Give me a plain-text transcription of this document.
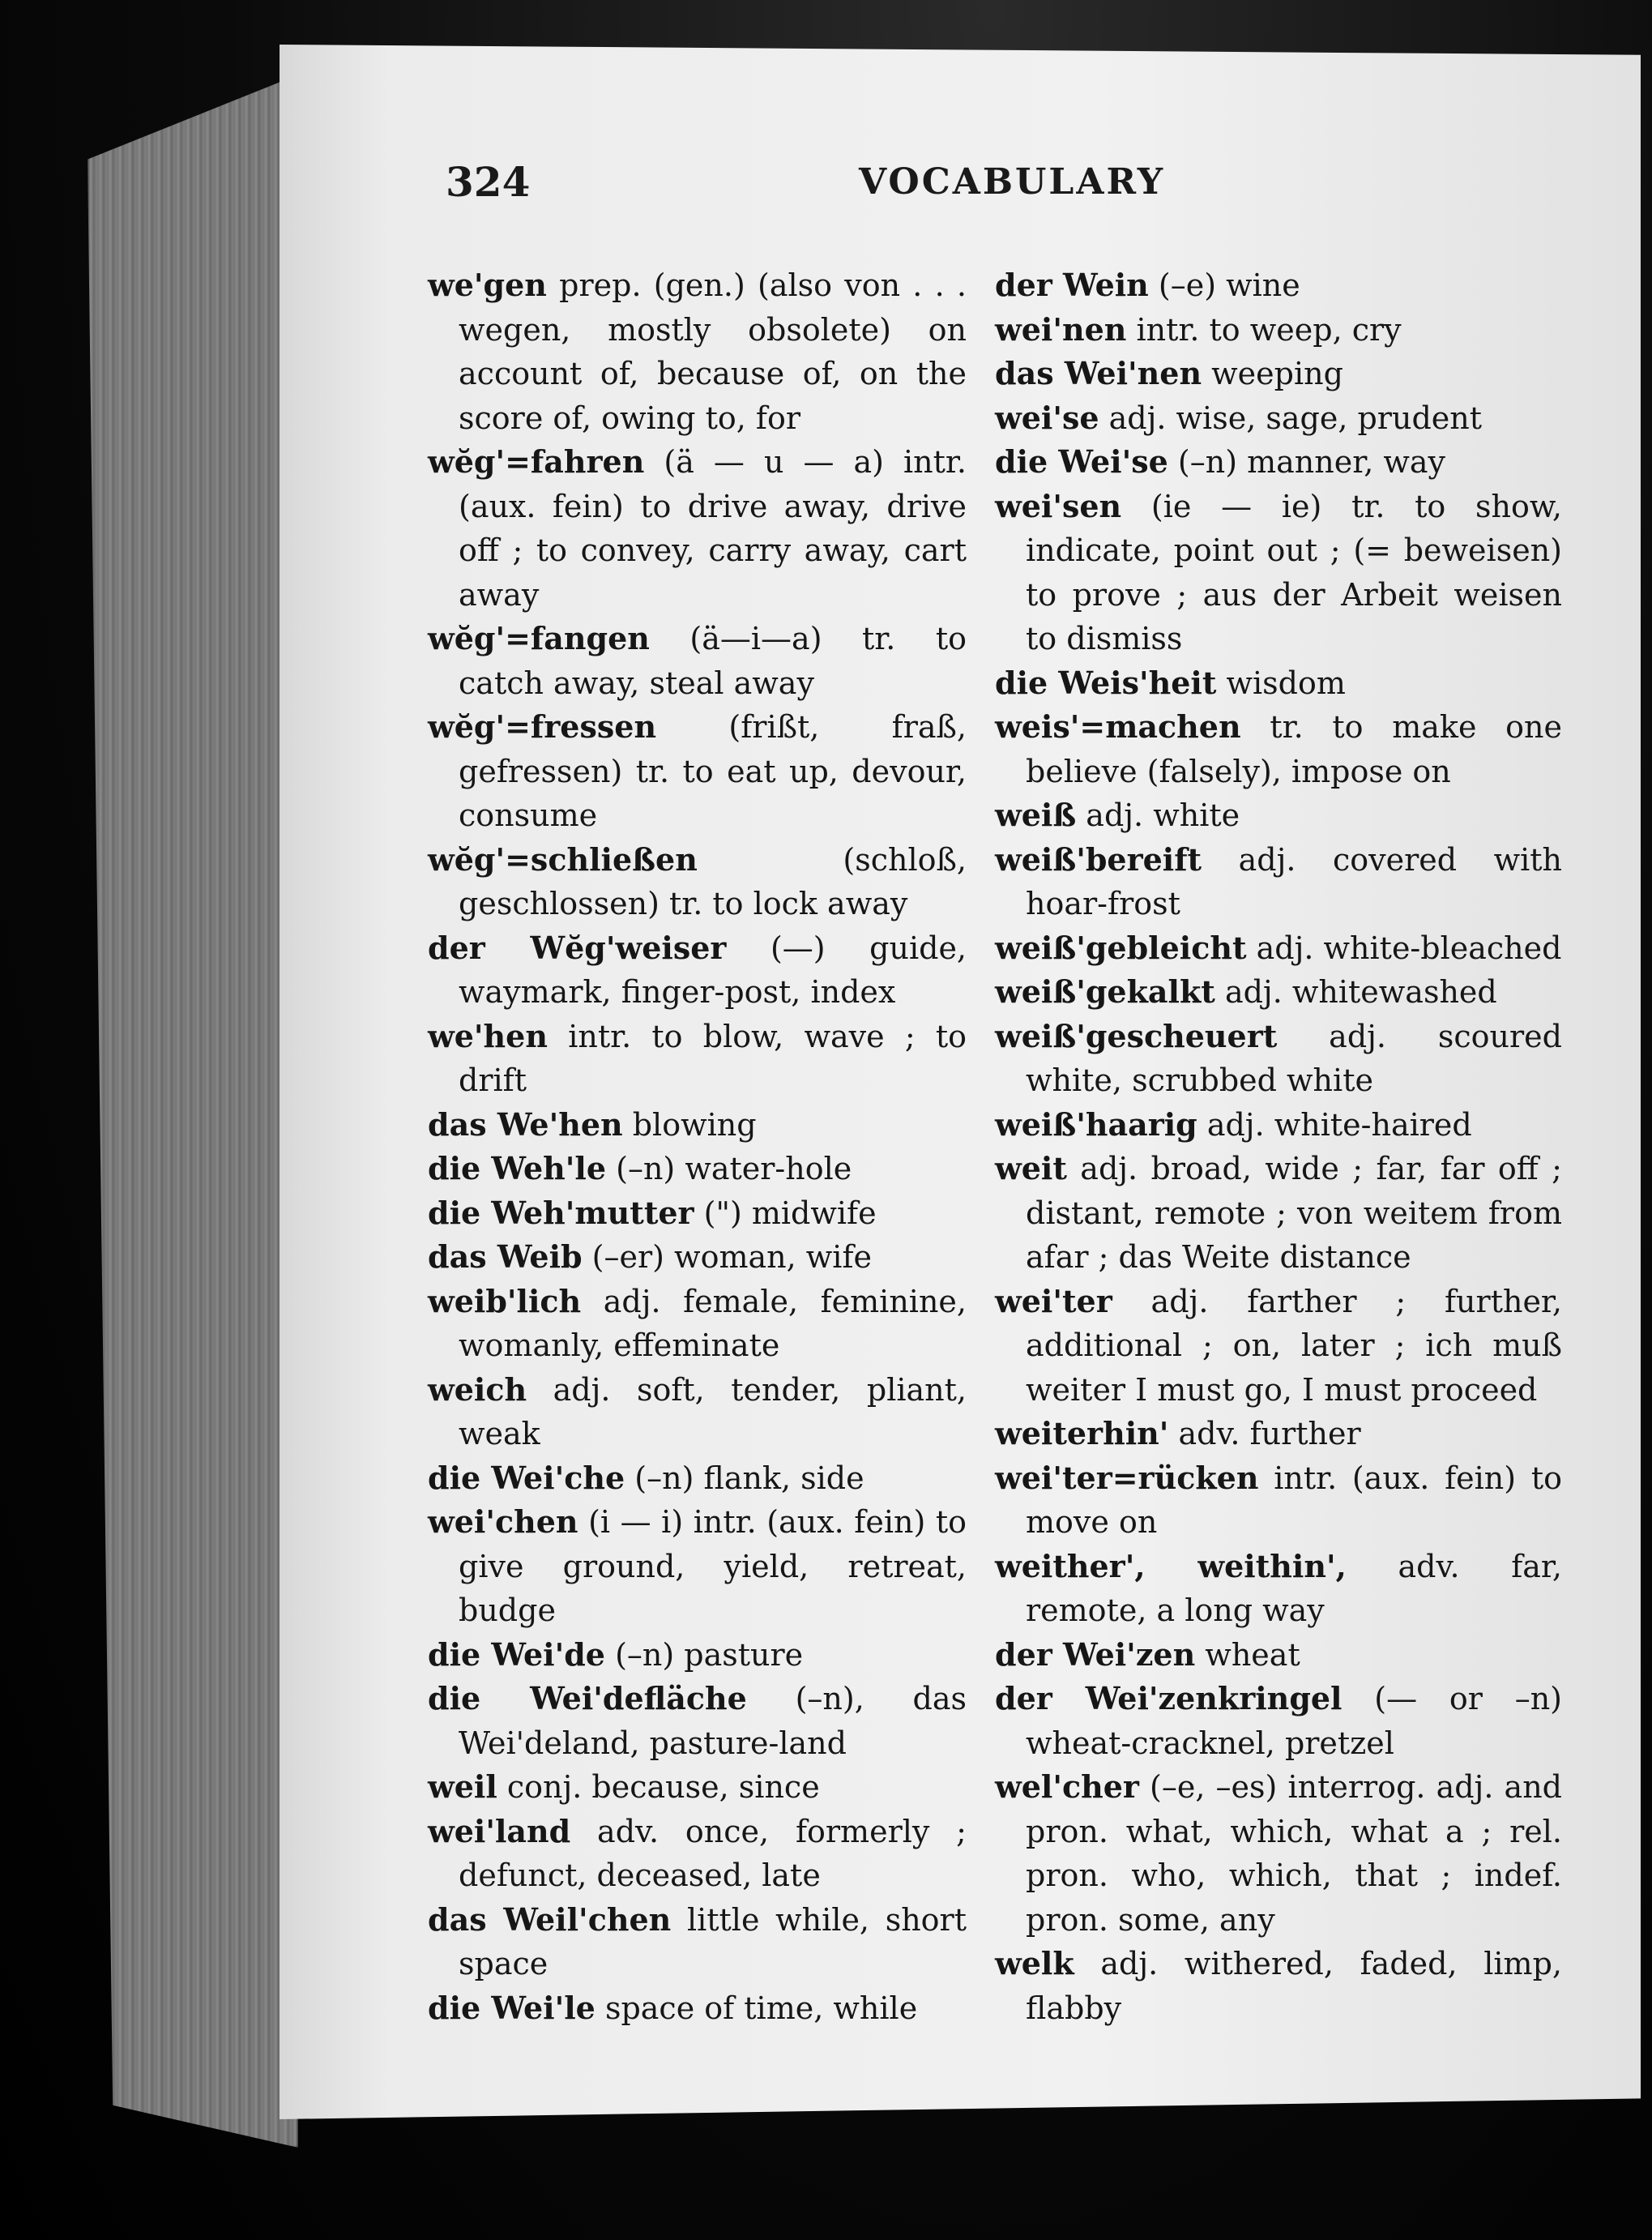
324	VOCABULARY
we'gen prep. (gen.) (also von . . . wegen, mostly obsolete) on account of, because of, on the score of, owing to, for
wĕg'=fahren (ä — u — a) intr. (aux. fein) to drive away, drive off ; to convey, carry away, cart away
wĕg'=fangen (ä—i—a) tr. to catch away, steal away
wĕg'=fressen (frißt, fraß, gefressen) tr. to eat up, devour, consume
wĕg'=schließen (schloß, geschlossen) tr. to lock away
der Wĕg'weiser (—) guide, waymark, finger-post, index
we'hen intr. to blow, wave ; to drift
das We'hen blowing
die Weh'le (–n) water-hole
die Weh'mutter (") midwife
das Weib (–er) woman, wife
weib'lich adj. female, feminine, womanly, effeminate
weich adj. soft, tender, pliant, weak
die Wei'che (–n) flank, side
wei'chen (i — i) intr. (aux. fein) to give ground, yield, retreat, budge
die Wei'de (–n) pasture
die Wei'defläche (–n), das Wei'deland, pasture-land
weil conj. because, since
wei'land adv. once, formerly ; defunct, deceased, late
das Weil'chen little while, short space
die Wei'le space of time, while
der Wein (–e) wine
wei'nen intr. to weep, cry
das Wei'nen weeping
wei'se adj. wise, sage, prudent
die Wei'se (–n) manner, way
wei'sen (ie — ie) tr. to show, indicate, point out ; (= beweisen) to prove ; aus der Arbeit weisen to dismiss
die Weis'heit wisdom
weis'=machen tr. to make one believe (falsely), impose on
weiß adj. white
weiß'bereift adj. covered with hoar-frost
weiß'gebleicht adj. white-bleached
weiß'gekalkt adj. whitewashed
weiß'gescheuert adj. scoured white, scrubbed white
weiß'haarig adj. white-haired
weit adj. broad, wide ; far, far off ; distant, remote ; von weitem from afar ; das Weite distance
wei'ter adj. farther ; further, additional ; on, later ; ich muß weiter I must go, I must proceed
weiterhin' adv. further
wei'ter=rücken intr. (aux. fein) to move on
weither', weithin', adv. far, remote, a long way
der Wei'zen wheat
der Wei'zenkringel (— or –n) wheat-cracknel, pretzel
wel'cher (–e, –es) interrog. adj. and pron. what, which, what a ; rel. pron. who, which, that ; indef. pron. some, any
welk adj. withered, faded, limp, flabby
